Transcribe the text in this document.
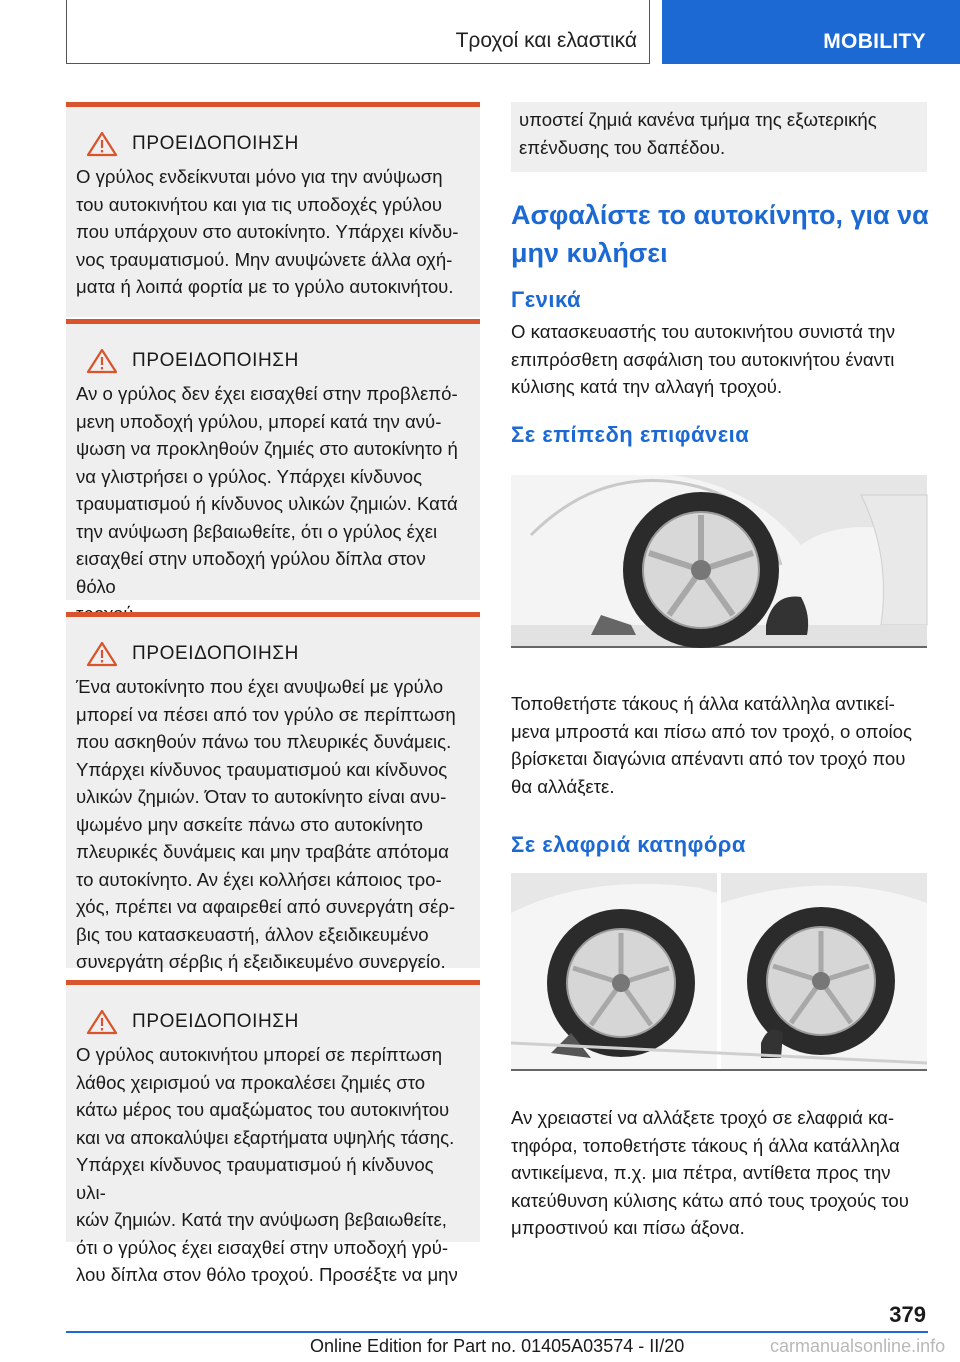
Τροχοί και ελαστικά	MOBILITY
ΠΡΟΕΙΔΟΠΟΙΗΣΗ
Ο γρύλος ενδείκνυται μόνο για την ανύψωση
του αυτοκινήτου και για τις υποδοχές γρύλου
που υπάρχουν στο αυτοκίνητο. Υπάρχει κίνδυ-
νος τραυματισμού. Μην ανυψώνετε άλλα οχή-
ματα ή λοιπά φορτία με το γρύλο αυτοκινήτου.
ΠΡΟΕΙΔΟΠΟΙΗΣΗ
Αν ο γρύλος δεν έχει εισαχθεί στην προβλεπό-
μενη υποδοχή γρύλου, μπορεί κατά την ανύ-
ψωση να προκληθούν ζημιές στο αυτοκίνητο ή
να γλιστρήσει ο γρύλος. Υπάρχει κίνδυνος
τραυματισμού ή κίνδυνος υλικών ζημιών. Κατά
την ανύψωση βεβαιωθείτε, ότι ο γρύλος έχει
εισαχθεί στην υποδοχή γρύλου δίπλα στον θόλο

ΠΡΟΕΙΔΟΠΟΙΗΣΗ
Ένα αυτοκίνητο που έχει ανυψωθεί με γρύλο
μπορεί να πέσει από τον γρύλο σε περίπτωση
που ασκηθούν πάνω του πλευρικές δυνάμεις.
Υπάρχει κίνδυνος τραυματισμού και κίνδυνος
υλικών ζημιών. Όταν το αυτοκίνητο είναι ανυ-
ψωμένο μην ασκείτε πάνω στο αυτοκίνητο
πλευρικές δυνάμεις και μην τραβάτε απότομα
το αυτοκίνητο. Αν έχει κολλήσει κάποιος τρο-
χός, πρέπει να αφαιρεθεί από συνεργάτη σέρ-
βις του κατασκευαστή, άλλον εξειδικευμένο
συνεργάτη σέρβις ή εξειδικευμένο συνεργείο.
ΠΡΟΕΙΔΟΠΟΙΗΣΗ
Ο γρύλος αυτοκινήτου μπορεί σε περίπτωση
λάθος χειρισμού να προκαλέσει ζημιές στο
κάτω μέρος του αμαξώματος του αυτοκινήτου
και να αποκαλύψει εξαρτήματα υψηλής τάσης.
Υπάρχει κίνδυνος τραυματισμού ή κίνδυνος υλι-
κών ζημιών. Κατά την ανύψωση βεβαιωθείτε,
ότι ο γρύλος έχει εισαχθεί στην υποδοχή γρύ-
λου δίπλα στον θόλο τροχού. Προσέξτε να μην
υποστεί ζημιά κανένα τμήμα της εξωτερικής
επένδυσης του δαπέδου.
Ασφαλίστε το αυτοκίνητο, για να
μην κυλήσει
Γενικά
Ο κατασκευαστής του αυτοκινήτου συνιστά την
επιπρόσθετη ασφάλιση του αυτοκινήτου έναντι
κύλισης κατά την αλλαγή τροχού.
Σε επίπεδη επιφάνεια
Τοποθετήστε τάκους ή άλλα κατάλληλα αντικεί-
μενα μπροστά και πίσω από τον τροχό, ο οποίος
βρίσκεται διαγώνια απέναντι από τον τροχό που
θα αλλάξετε.
Σε ελαφριά κατηφόρα
Αν χρειαστεί να αλλάξετε τροχό σε ελαφριά κα-
τηφόρα, τοποθετήστε τάκους ή άλλα κατάλληλα
αντικείμενα, π.χ. μια πέτρα, αντίθετα προς την
κατεύθυνση κύλισης κάτω από τους τροχούς του
μπροστινού και πίσω άξονα.
379
Online Edition for Part no. 01405A03574 - II/20	carmanualsonline.info
